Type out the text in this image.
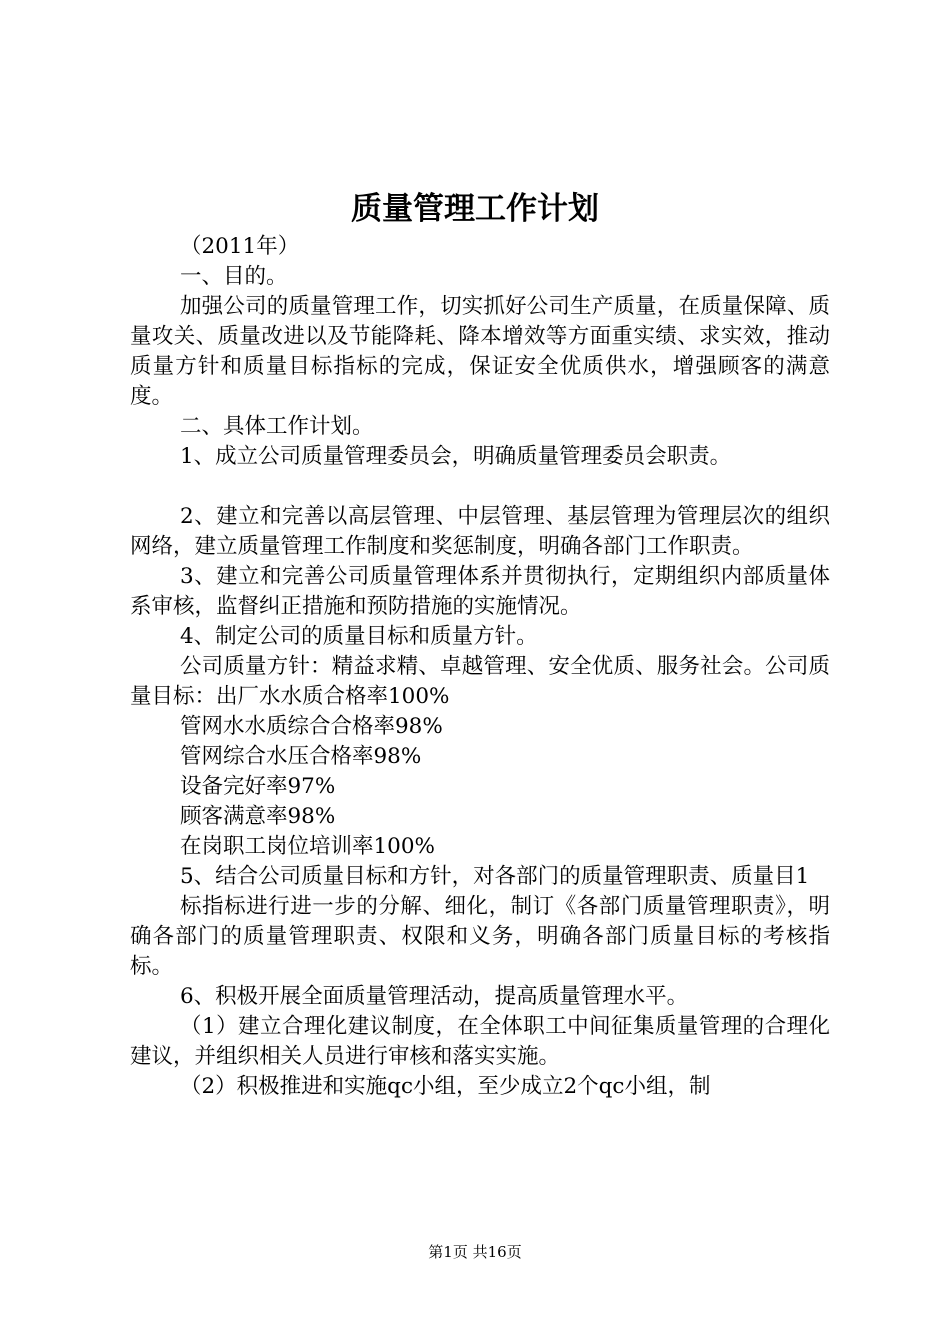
质量管理工作计划

（2011年）

一、目的。

加强公司的质量管理工作，切实抓好公司生产质量，在质量保障、质量攻关、质量改进以及节能降耗、降本增效等方面重实绩、求实效，推动质量方针和质量目标指标的完成，保证安全优质供水，增强顾客的满意度。

二、具体工作计划。

1、成立公司质量管理委员会，明确质量管理委员会职责。

2、建立和完善以高层管理、中层管理、基层管理为管理层次的组织网络，建立质量管理工作制度和奖惩制度，明确各部门工作职责。

3、建立和完善公司质量管理体系并贯彻执行，定期组织内部质量体系审核，监督纠正措施和预防措施的实施情况。

4、制定公司的质量目标和质量方针。

公司质量方针：精益求精、卓越管理、安全优质、服务社会。公司质量目标：出厂水水质合格率100%

管网水水质综合合格率98%

管网综合水压合格率98%

设备完好率97%

顾客满意率98%

在岗职工岗位培训率100%

5、结合公司质量目标和方针，对各部门的质量管理职责、质量目1

标指标进行进一步的分解、细化，制订《各部门质量管理职责》，明确各部门的质量管理职责、权限和义务，明确各部门质量目标的考核指标。

6、积极开展全面质量管理活动，提高质量管理水平。

（1）建立合理化建议制度，在全体职工中间征集质量管理的合理化建议，并组织相关人员进行审核和落实实施。

（2）积极推进和实施qc小组，至少成立2个qc小组，制

第1页 共16页
